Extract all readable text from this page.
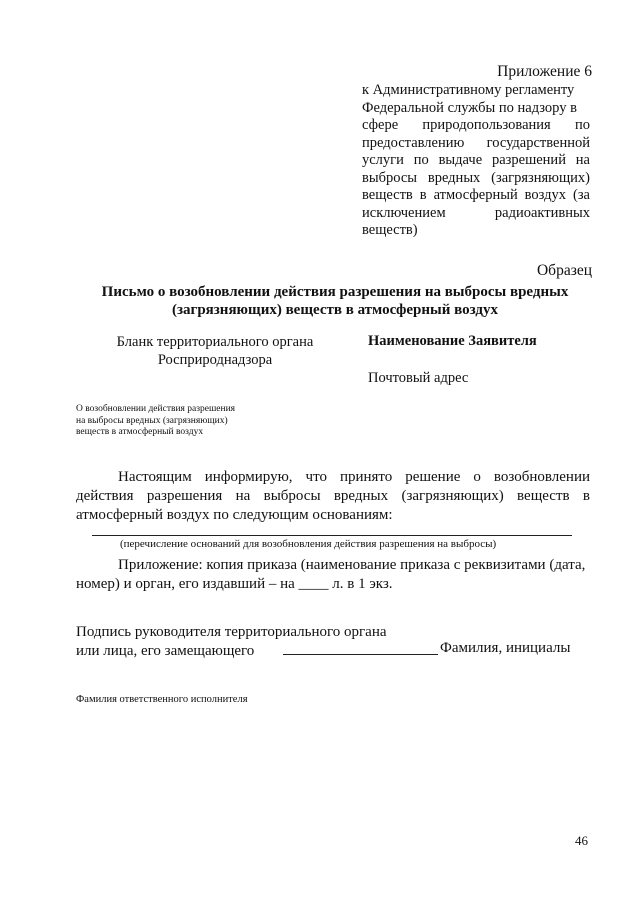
Приложение 6
к Административному регламенту
Федеральной службы по надзору в
сфере природопользования по
предоставлению государственной
услуги по выдаче разрешений на
выбросы вредных (загрязняющих)
веществ в атмосферный воздух (за
исключением радиоактивных
веществ)
Образец
Письмо о возобновлении действия разрешения на выбросы вредных
(загрязняющих) веществ в атмосферный воздух
Бланк территориального органа
Росприроднадзора
Наименование Заявителя
Почтовый адрес
О возобновлении действия разрешения
на выбросы вредных (загрязняющих)
веществ в атмосферный воздух
Настоящим информирую, что принято решение о возобновлении действия разрешения на выбросы вредных (загрязняющих) веществ в атмосферный воздух по следующим основаниям:
(перечисление оснований для возобновления действия разрешения на выбросы)
Приложение: копия приказа (наименование приказа с реквизитами (дата,
номер) и орган, его издавший – на ____ л. в 1 экз.
Подпись руководителя территориального органа
или лица, его замещающего	Фамилия, инициалы
Фамилия ответственного исполнителя
46
